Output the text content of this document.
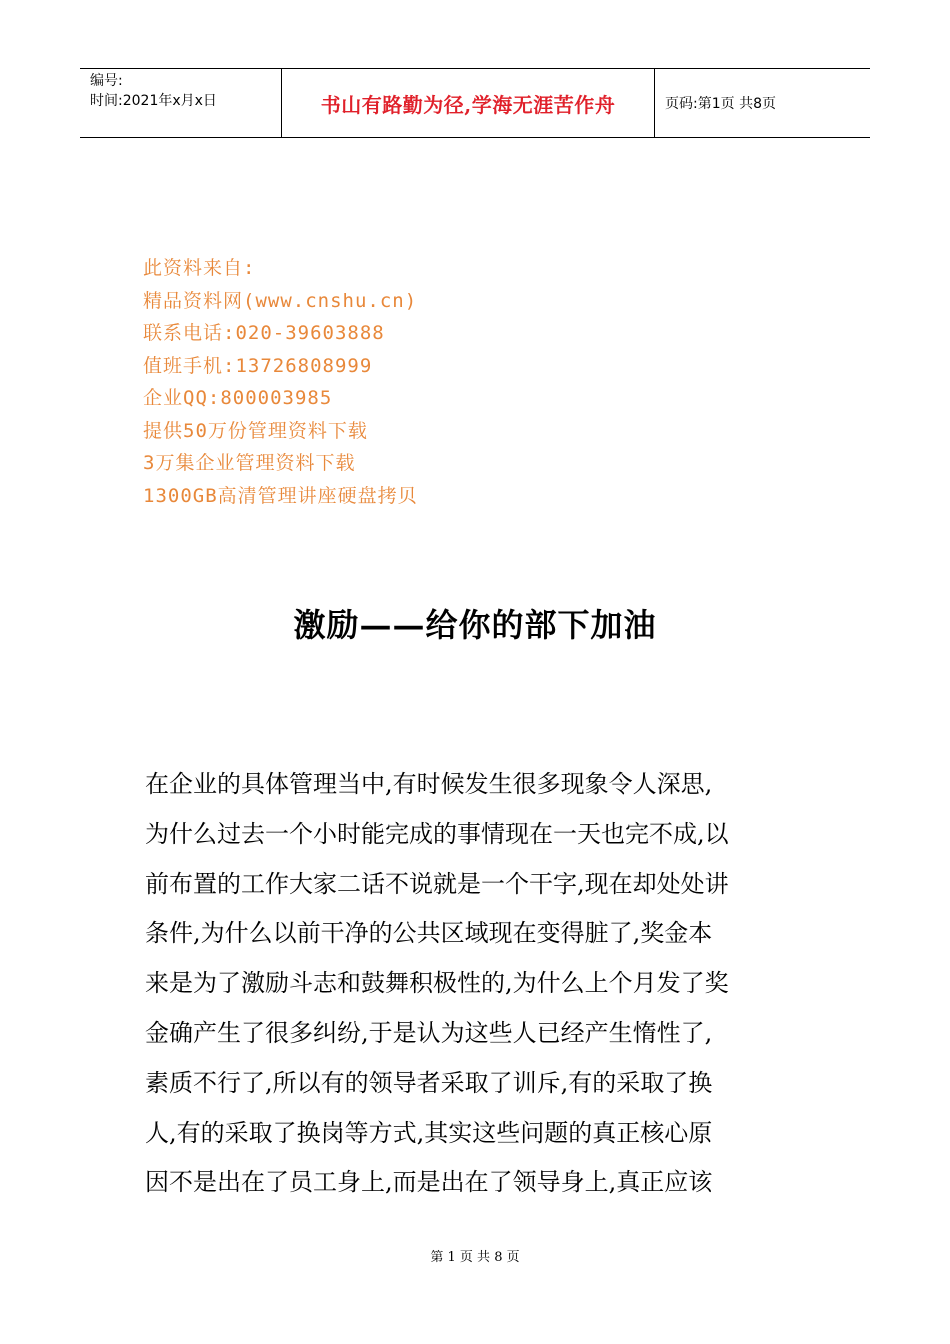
编号:
时间:2021年x月x日	书山有路勤为径,学海无涯苦作舟	页码:第1页 共8页
此资料来自:
精品资料网(www.cnshu.cn)
联系电话:020-39603888
值班手机:13726808999
企业QQ:800003985
提供50万份管理资料下载
3万集企业管理资料下载
1300GB高清管理讲座硬盘拷贝
激励——给你的部下加油
在企业的具体管理当中,有时候发生很多现象令人深思,
为什么过去一个小时能完成的事情现在一天也完不成,以
前布置的工作大家二话不说就是一个干字,现在却处处讲
条件,为什么以前干净的公共区域现在变得脏了,奖金本
来是为了激励斗志和鼓舞积极性的,为什么上个月发了奖
金确产生了很多纠纷,于是认为这些人已经产生惰性了,
素质不行了,所以有的领导者采取了训斥,有的采取了换
人,有的采取了换岗等方式,其实这些问题的真正核心原
因不是出在了员工身上,而是出在了领导身上,真正应该
第 1 页 共 8 页
